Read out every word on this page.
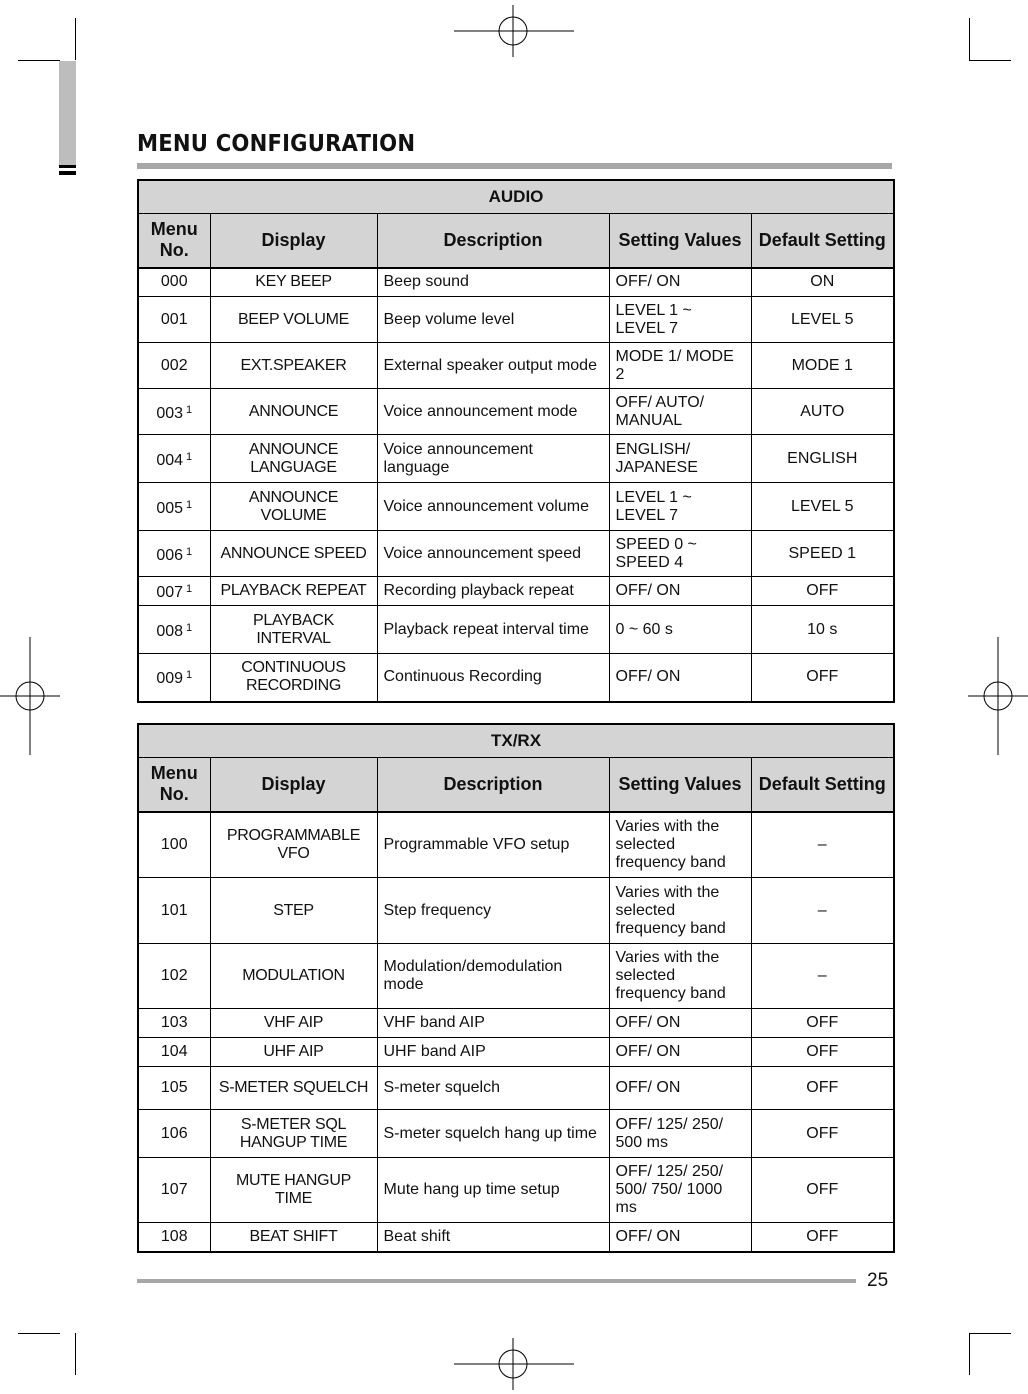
MENU CONFIGURATION
AUDIO				
Menu No.	Display	Description	Setting Values	Default Setting
000	KEY BEEP	Beep sound	OFF/ ON	ON
001	BEEP VOLUME	Beep volume level	LEVEL 1 ~ LEVEL 7	LEVEL 5
002	EXT.SPEAKER	External speaker output mode	MODE 1/ MODE 2	MODE 1
003 $^1$	ANNOUNCE	Voice announcement mode	OFF/ AUTO/ MANUAL	AUTO
004 $^1$	ANNOUNCE LANGUAGE	Voice announcement language	ENGLISH/ JAPANESE	ENGLISH
005 $^1$	ANNOUNCE VOLUME	Voice announcement volume	LEVEL 1 ~ LEVEL 7	LEVEL 5
006 $^1$	ANNOUNCE SPEED	Voice announcement speed	SPEED 0 ~ SPEED 4	SPEED 1
007 $^1$	PLAYBACK REPEAT	Recording playback repeat	OFF/ ON	OFF
008 $^1$	PLAYBACK INTERVAL	Playback repeat interval time	0 ~ 60 s	10 s
009 $^1$	CONTINUOUS RECORDING	Continuous Recording	OFF/ ON	OFF
TX/RX				
Menu No.	Display	Description	Setting Values	Default Setting
100	PROGRAMMABLE VFO	Programmable VFO setup	Varies with the selected frequency band	–
101	STEP	Step frequency	Varies with the selected frequency band	–
102	MODULATION	Modulation/demodulation mode	Varies with the selected frequency band	–
103	VHF AIP	VHF band AIP	OFF/ ON	OFF
104	UHF AIP	UHF band AIP	OFF/ ON	OFF
105	S-METER SQUELCH	S-meter squelch	OFF/ ON	OFF
106	S-METER SQL HANGUP TIME	S-meter squelch hang up time	OFF/ 125/ 250/ 500 ms	OFF
107	MUTE HANGUP TIME	Mute hang up time setup	OFF/ 125/ 250/ 500/ 750/ 1000 ms	OFF
108	BEAT SHIFT	Beat shift	OFF/ ON	OFF
25
